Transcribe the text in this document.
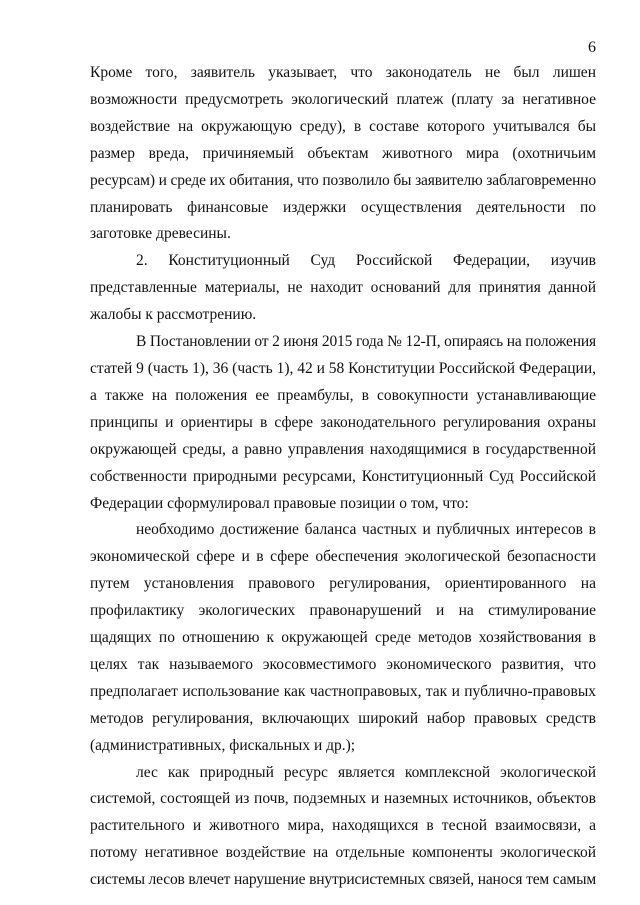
6
Кроме того, заявитель указывает, что законодатель не был лишен
возможности предусмотреть экологический платеж (плату за негативное
воздействие на окружающую среду), в составе которого учитывался бы
размер вреда, причиняемый объектам животного мира (охотничьим
ресурсам) и среде их обитания, что позволило бы заявителю заблаговременно
планировать финансовые издержки осуществления деятельности по
заготовке древесины.
2. Конституционный Суд Российской Федерации, изучив
представленные материалы, не находит оснований для принятия данной
жалобы к рассмотрению.
В Постановлении от 2 июня 2015 года № 12-П, опираясь на положения
статей 9 (часть 1), 36 (часть 1), 42 и 58 Конституции Российской Федерации,
а также на положения ее преамбулы, в совокупности устанавливающие
принципы и ориентиры в сфере законодательного регулирования охраны
окружающей среды, а равно управления находящимися в государственной
собственности природными ресурсами, Конституционный Суд Российской
Федерации сформулировал правовые позиции о том, что:
необходимо достижение баланса частных и публичных интересов в
экономической сфере и в сфере обеспечения экологической безопасности
путем установления правового регулирования, ориентированного на
профилактику экологических правонарушений и на стимулирование
щадящих по отношению к окружающей среде методов хозяйствования в
целях так называемого экосовместимого экономического развития, что
предполагает использование как частноправовых, так и публично-правовых
методов регулирования, включающих широкий набор правовых средств
(административных, фискальных и др.);
лес как природный ресурс является комплексной экологической
системой, состоящей из почв, подземных и наземных источников, объектов
растительного и животного мира, находящихся в тесной взаимосвязи, а
потому негативное воздействие на отдельные компоненты экологической
системы лесов влечет нарушение внутрисистемных связей, нанося тем самым
